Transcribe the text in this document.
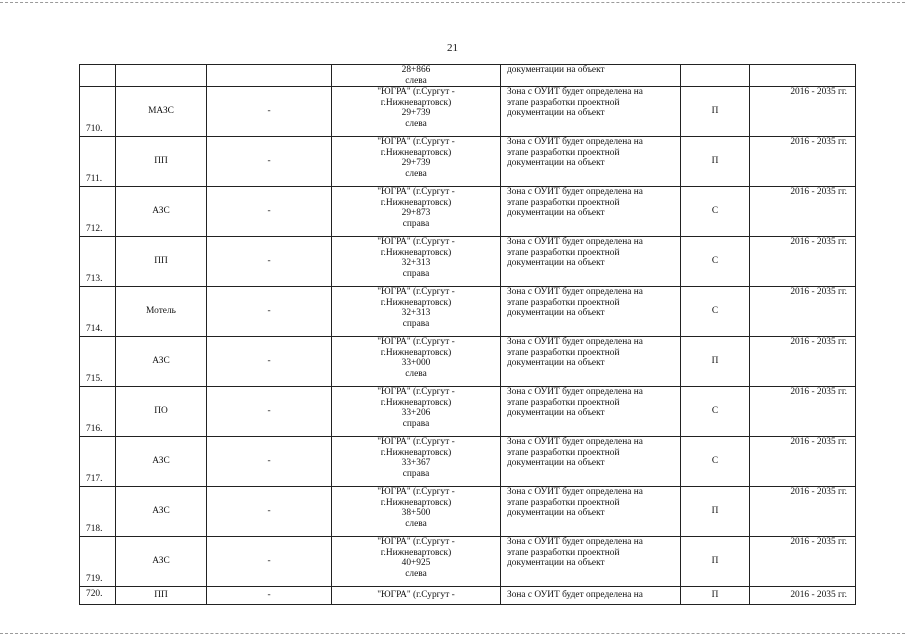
21

			28+866
слева	документации на объект		

710.	МАЗС	-	"ЮГРА" (г.Сургут -
г.Нижневартовск)
29+739
слева	Зона с ОУИТ будет определена на
этапе разработки проектной
документации на объект	П	2016 - 2035 гг.
711.	ПП	-	"ЮГРА" (г.Сургут -
г.Нижневартовск)
29+739
слева	Зона с ОУИТ будет определена на
этапе разработки проектной
документации на объект	П	2016 - 2035 гг.
712.	АЗС	-	"ЮГРА" (г.Сургут -
г.Нижневартовск)
29+873
справа	Зона с ОУИТ будет определена на
этапе разработки проектной
документации на объект	С	2016 - 2035 гг.
713.	ПП	-	"ЮГРА" (г.Сургут -
г.Нижневартовск)
32+313
справа	Зона с ОУИТ будет определена на
этапе разработки проектной
документации на объект	С	2016 - 2035 гг.
714.	Мотель	-	"ЮГРА" (г.Сургут -
г.Нижневартовск)
32+313
справа	Зона с ОУИТ будет определена на
этапе разработки проектной
документации на объект	С	2016 - 2035 гг.
715.	АЗС	-	"ЮГРА" (г.Сургут -
г.Нижневартовск)
33+000
слева	Зона с ОУИТ будет определена на
этапе разработки проектной
документации на объект	П	2016 - 2035 гг.
716.	ПО	-	"ЮГРА" (г.Сургут -
г.Нижневартовск)
33+206
справа	Зона с ОУИТ будет определена на
этапе разработки проектной
документации на объект	С	2016 - 2035 гг.
717.	АЗС	-	"ЮГРА" (г.Сургут -
г.Нижневартовск)
33+367
справа	Зона с ОУИТ будет определена на
этапе разработки проектной
документации на объект	С	2016 - 2035 гг.
718.	АЗС	-	"ЮГРА" (г.Сургут -
г.Нижневартовск)
38+500
слева	Зона с ОУИТ будет определена на
этапе разработки проектной
документации на объект	П	2016 - 2035 гг.
719.	АЗС	-	"ЮГРА" (г.Сургут -
г.Нижневартовск)
40+925
слева	Зона с ОУИТ будет определена на
этапе разработки проектной
документации на объект	П	2016 - 2035 гг.
720.	ПП	-	"ЮГРА" (г.Сургут -	Зона с ОУИТ будет определена на	П	2016 - 2035 гг.
